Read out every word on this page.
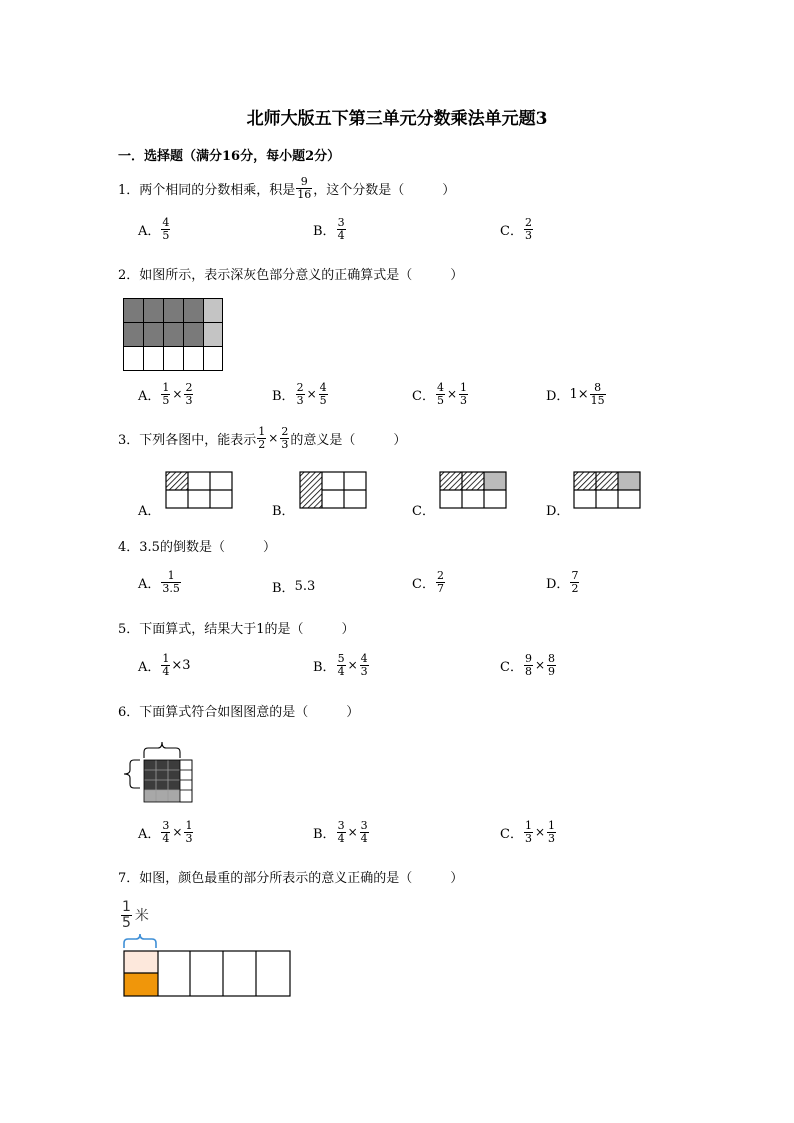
北师大版五下第三单元分数乘法单元题3
一．选择题（满分16分，每小题2分）
1．两个相同的分数相乘，积是 $\frac{9}{16}$ ，这个分数是（	）
A． $\frac{4}{5}$	B． $\frac{3}{4}$	C． $\frac{2}{3}$
2．如图所示，表示深灰色部分意义的正确算式是（	）
A． $\frac{1}{5} \times \frac{2}{3}$	B． $\frac{2}{3} \times \frac{4}{5}$	C． $\frac{4}{5} \times \frac{1}{3}$	D．$1\times \frac{8}{15}$
3．下列各图中，能表示 $\frac{1}{2} \times \frac{2}{3}$ 的意义是（	）
A．	B．	C．	D．
4．3.5的倒数是（	）
A． $\frac{1}{3.5}$	B．5.3	C． $\frac{2}{7}$	D． $\frac{7}{2}$
5．下面算式，结果大于1的是（	）
A． $\frac{1}{4} \times 3$	B． $\frac{5}{4} \times \frac{4}{3}$	C． $\frac{9}{8} \times \frac{8}{9}$
6．下面算式符合如图图意的是（	）
A． $\frac{3}{4} \times \frac{1}{3}$	B． $\frac{3}{4} \times \frac{3}{4}$	C． $\frac{1}{3} \times \frac{1}{3}$
7．如图，颜色最重的部分所表示的意义正确的是（	）
$\frac{1}{5}$ 米
